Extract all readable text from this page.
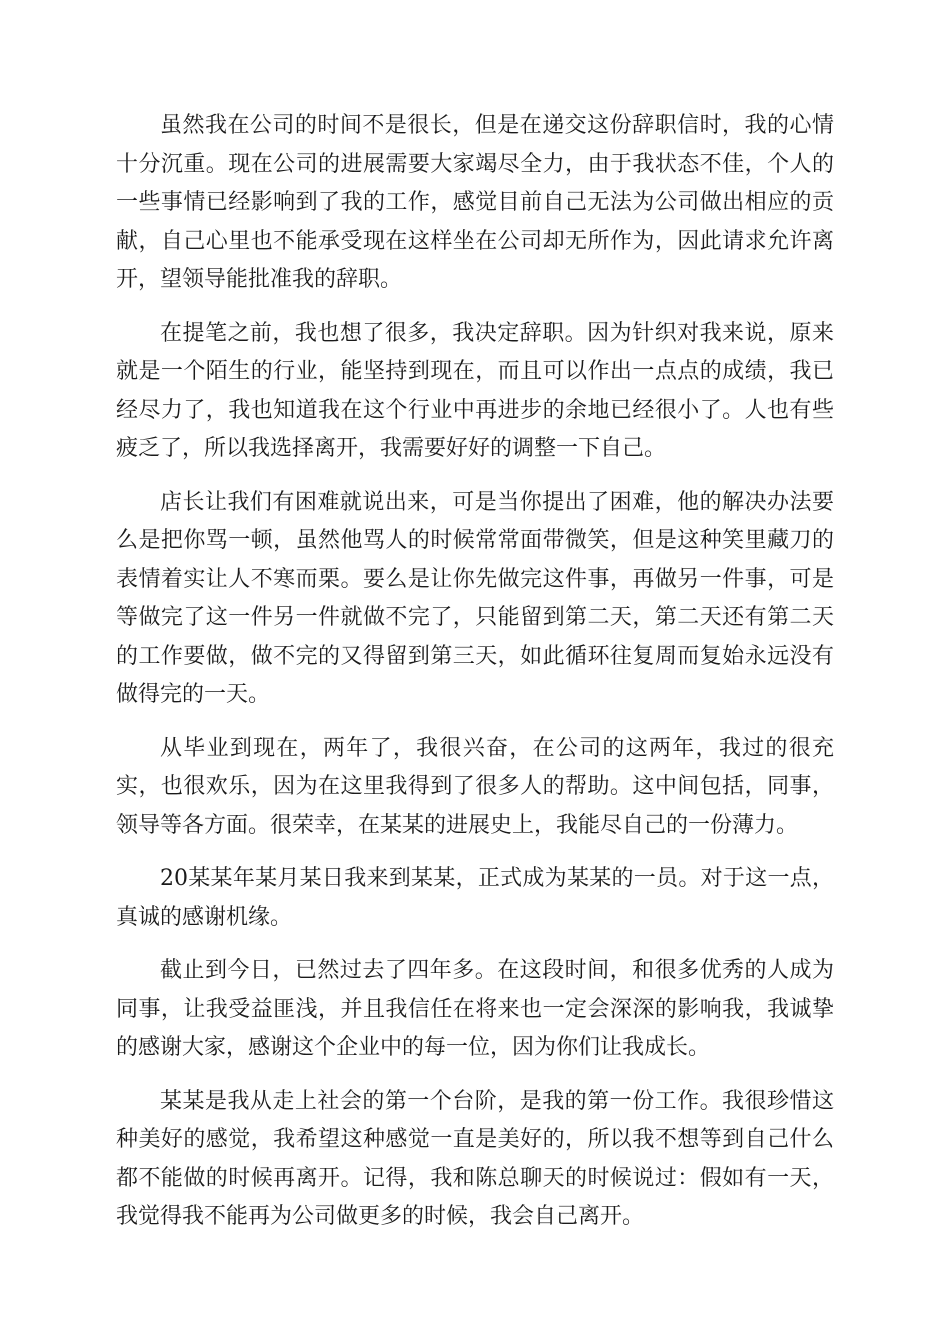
虽然我在公司的时间不是很长，但是在递交这份辞职信时，我的心情十分沉重。现在公司的进展需要大家竭尽全力，由于我状态不佳，个人的一些事情已经影响到了我的工作，感觉目前自己无法为公司做出相应的贡献，自己心里也不能承受现在这样坐在公司却无所作为，因此请求允许离开，望领导能批准我的辞职。

在提笔之前，我也想了很多，我决定辞职。因为针织对我来说，原来就是一个陌生的行业，能坚持到现在，而且可以作出一点点的成绩，我已经尽力了，我也知道我在这个行业中再进步的余地已经很小了。人也有些疲乏了，所以我选择离开，我需要好好的调整一下自己。

店长让我们有困难就说出来，可是当你提出了困难，他的解决办法要么是把你骂一顿，虽然他骂人的时候常常面带微笑，但是这种笑里藏刀的表情着实让人不寒而栗。要么是让你先做完这件事，再做另一件事，可是等做完了这一件另一件就做不完了，只能留到第二天，第二天还有第二天的工作要做，做不完的又得留到第三天，如此循环往复周而复始永远没有做得完的一天。

从毕业到现在，两年了，我很兴奋，在公司的这两年，我过的很充实，也很欢乐，因为在这里我得到了很多人的帮助。这中间包括，同事，领导等各方面。很荣幸，在某某的进展史上，我能尽自己的一份薄力。

20某某年某月某日我来到某某，正式成为某某的一员。对于这一点，真诚的感谢机缘。

截止到今日，已然过去了四年多。在这段时间，和很多优秀的人成为同事，让我受益匪浅，并且我信任在将来也一定会深深的影响我，我诚挚的感谢大家，感谢这个企业中的每一位，因为你们让我成长。

某某是我从走上社会的第一个台阶，是我的第一份工作。我很珍惜这种美好的感觉，我希望这种感觉一直是美好的，所以我不想等到自己什么都不能做的时候再离开。记得，我和陈总聊天的时候说过：假如有一天，我觉得我不能再为公司做更多的时候，我会自己离开。
